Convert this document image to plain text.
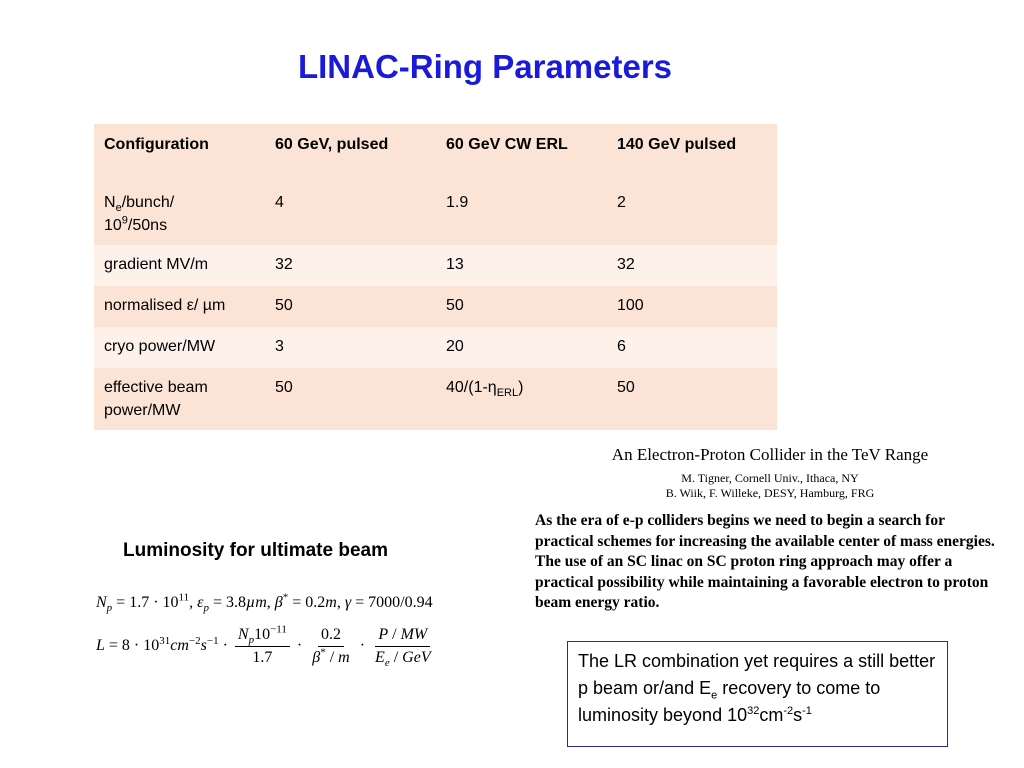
LINAC-Ring Parameters
Configuration	60 GeV, pulsed	60 GeV CW ERL	140 GeV pulsed
$N_e/bunch/$
$10^9/50ns$	4	1.9	2
gradient MV/m	32	13	32
normalised ε/ µm	50	50	100
cryo power/MW	3	20	6
effective beam
power/MW	50	$40/(1-\eta_{ERL})$	50
Luminosity for ultimate beam
$N_p = 1.7 \cdot 10^{11}$, $\varepsilon_p = 3.8\mu m$, β* = 0.2m, γ = 7000/0.94
$L = 8 \cdot 10^{31}cm^{-2}s^{-1} \cdot \frac{N_p10^{-11}}{1.7} \cdot \frac{0.2}{\beta^* / m} \cdot \frac{P / MW}{E_e / GeV}$
An Electron-Proton Collider in the TeV Range
M. Tigner, Cornell Univ., Ithaca, NY
B. Wiik, F. Willeke, DESY, Hamburg, FRG
As the era of e-p colliders begins we need to begin a search for practical schemes for increasing the available center of mass energies. The use of an SC linac on SC proton ring approach may offer a practical possibility while maintaining a favorable electron to proton beam energy ratio.
The LR combination yet requires a still better p beam or/and $E_e$ recovery to come to luminosity beyond $10^{32}cm^{-2}s^{-1}$
